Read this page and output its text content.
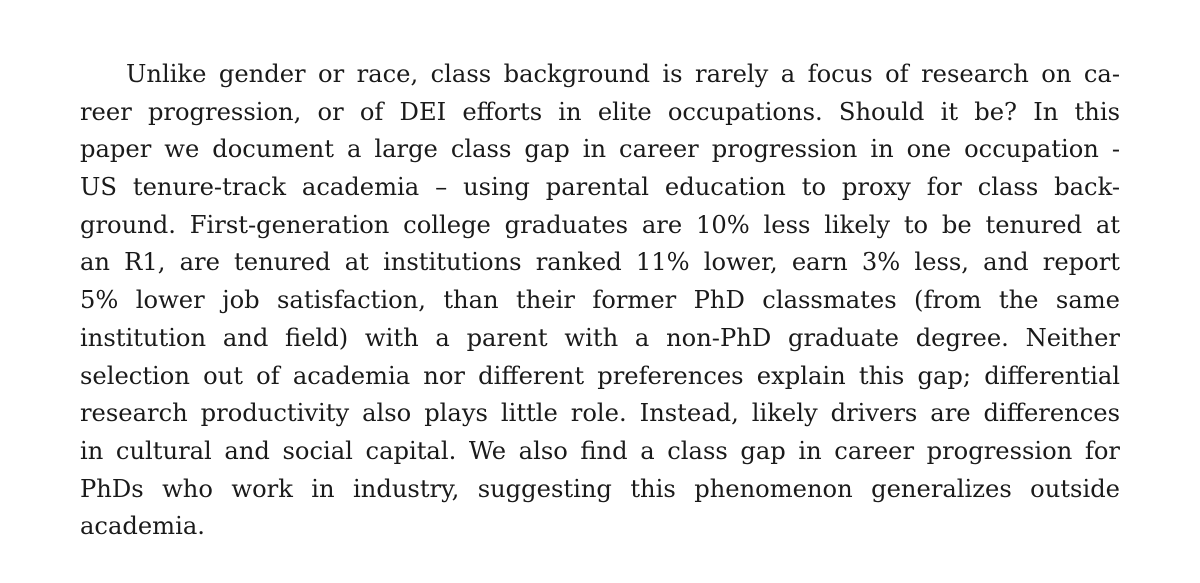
Unlike gender or race, class background is rarely a focus of research on ca-
reer progression, or of DEI efforts in elite occupations. Should it be? In this
paper we document a large class gap in career progression in one occupation -
US tenure-track academia – using parental education to proxy for class back-
ground. First-generation college graduates are 10% less likely to be tenured at
an R1, are tenured at institutions ranked 11% lower, earn 3% less, and report
5% lower job satisfaction, than their former PhD classmates (from the same
institution and field) with a parent with a non-PhD graduate degree. Neither
selection out of academia nor different preferences explain this gap; differential
research productivity also plays little role. Instead, likely drivers are differences
in cultural and social capital. We also find a class gap in career progression for
PhDs who work in industry, suggesting this phenomenon generalizes outside
academia.
